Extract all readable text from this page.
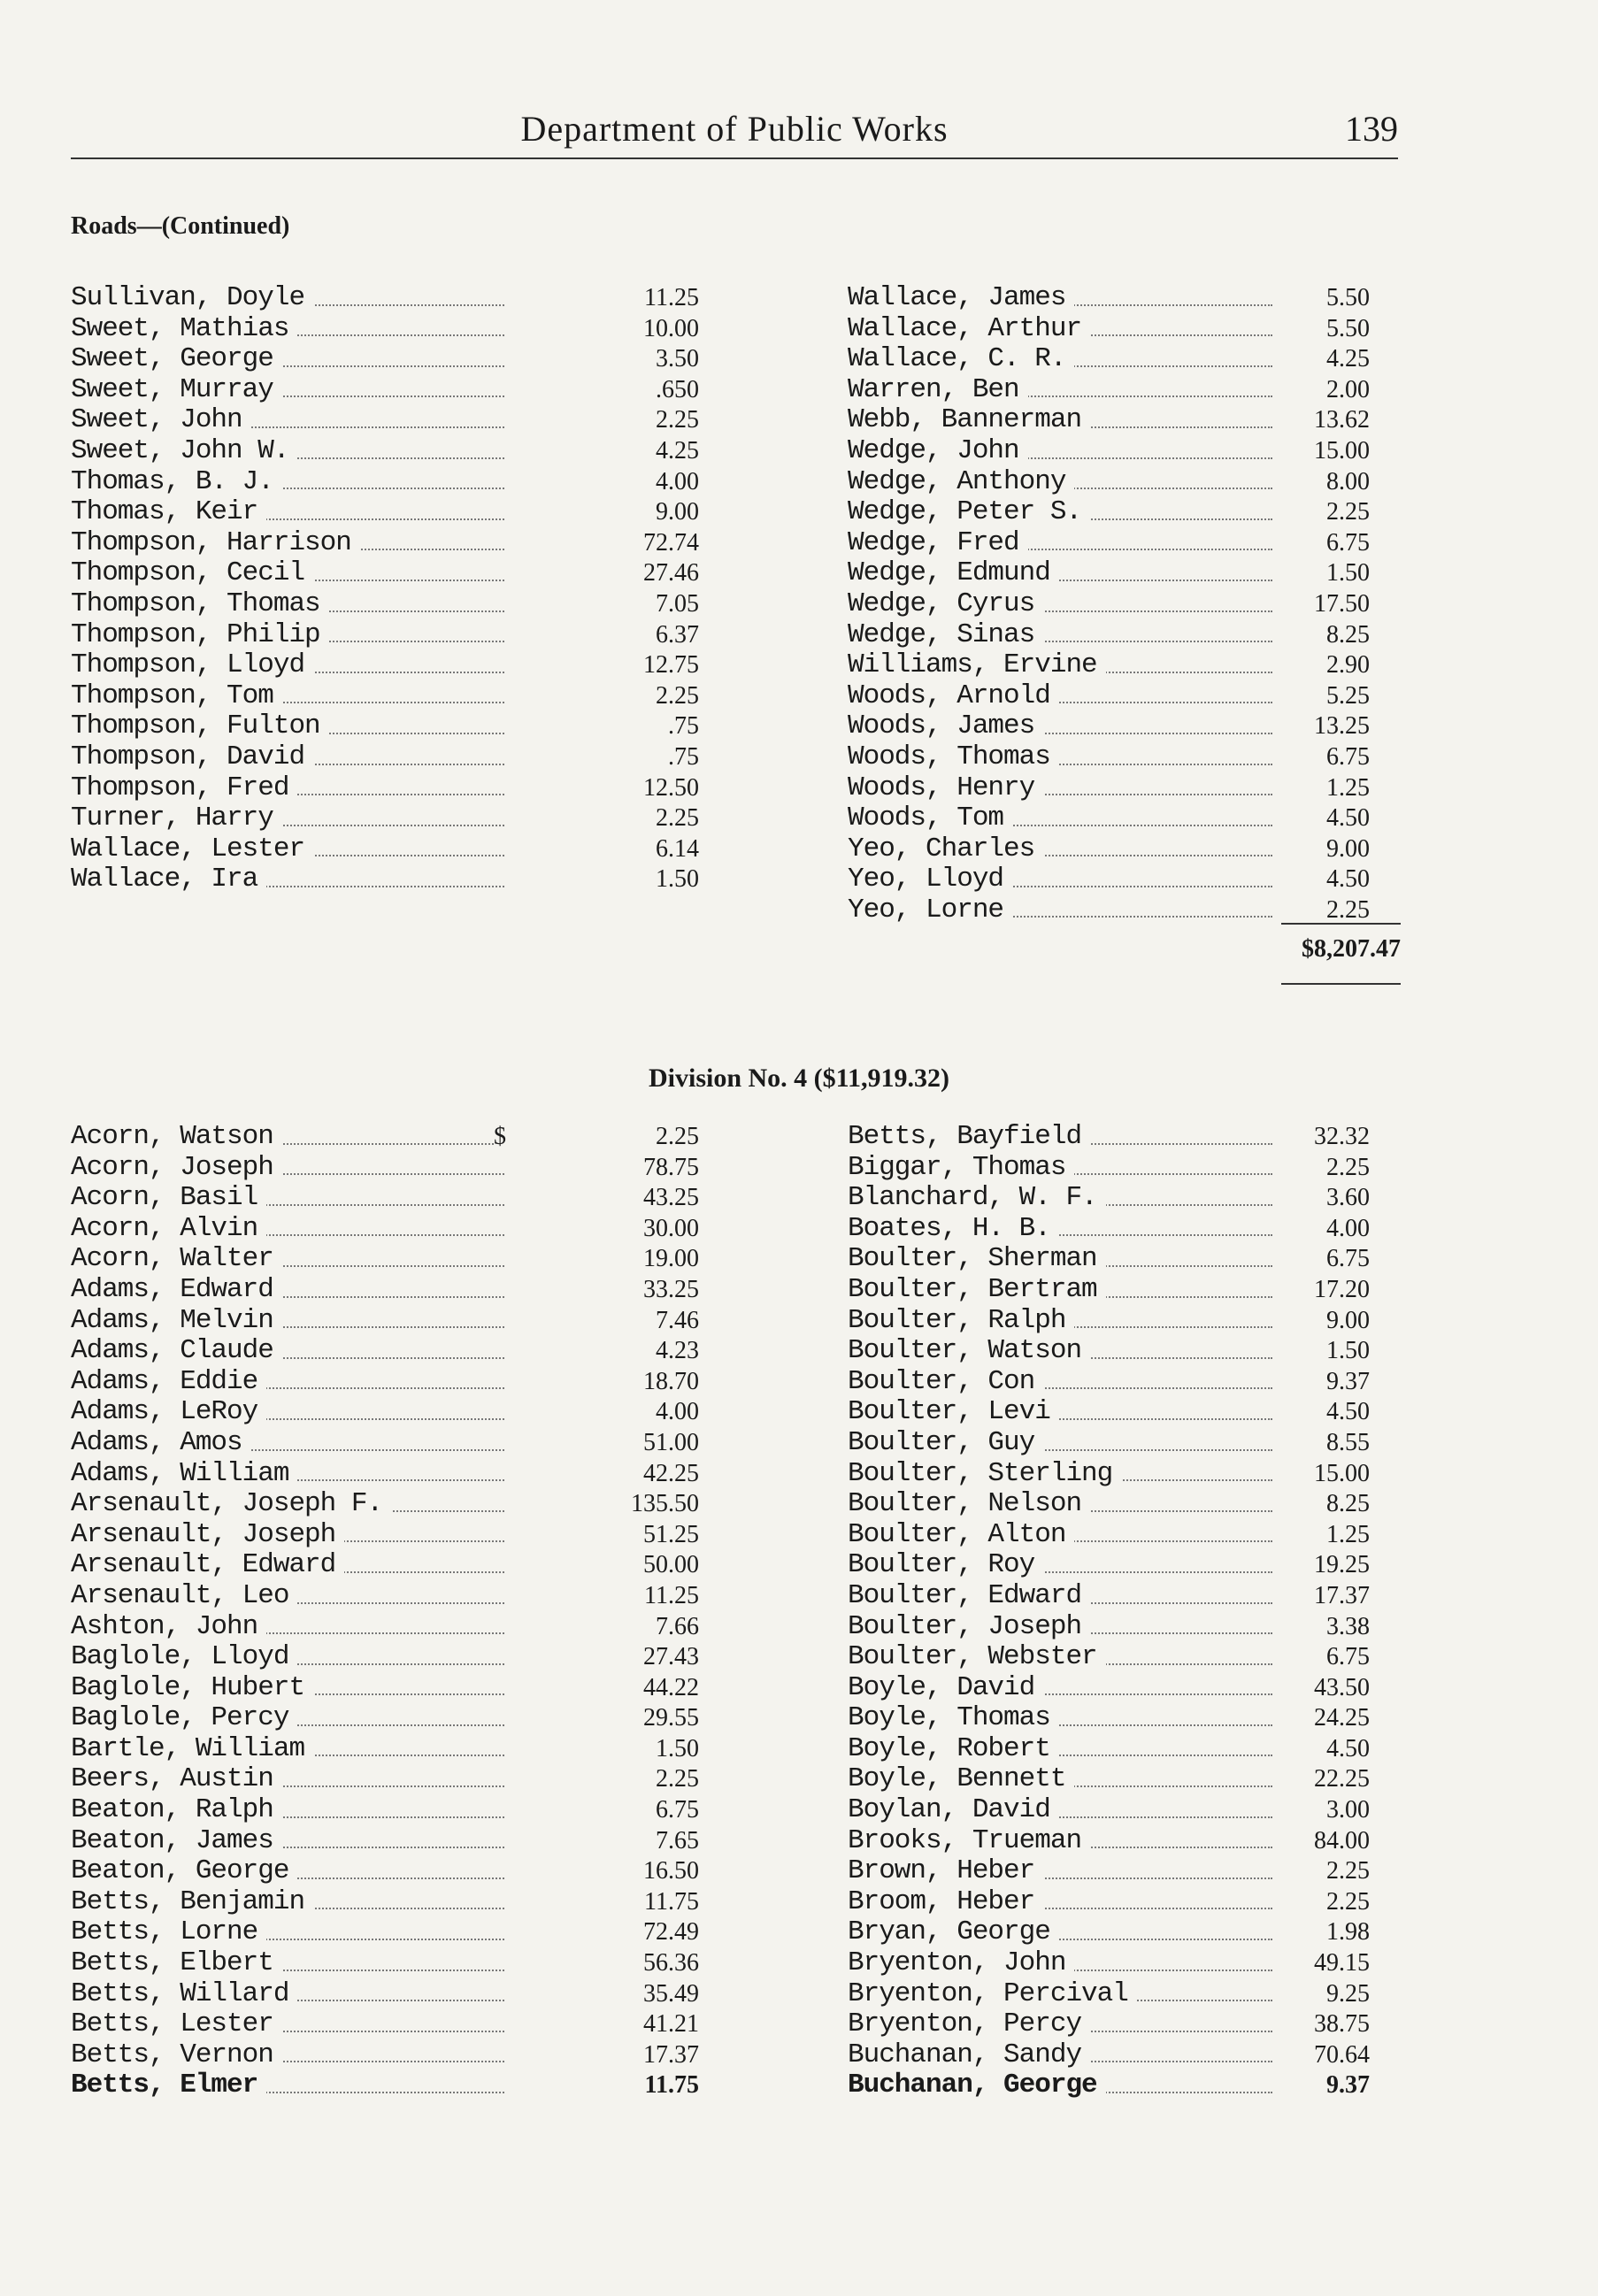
Department of Public Works	139
Roads—(Continued)
Sullivan, Doyle	11.25
Sweet, Mathias	10.00
Sweet, George	3.50
Sweet, Murray	.650
Sweet, John	2.25
Sweet, John W.	4.25
Thomas, B. J.	4.00
Thomas, Keir	9.00
Thompson, Harrison	72.74
Thompson, Cecil	27.46
Thompson, Thomas	7.05
Thompson, Philip	6.37
Thompson, Lloyd	12.75
Thompson, Tom	2.25
Thompson, Fulton	.75
Thompson, David	.75
Thompson, Fred	12.50
Turner, Harry	2.25
Wallace, Lester	6.14
Wallace, Ira	1.50
Wallace, James	5.50
Wallace, Arthur	5.50
Wallace, C. R.	4.25
Warren, Ben	2.00
Webb, Bannerman	13.62
Wedge, John	15.00
Wedge, Anthony	8.00
Wedge, Peter S.	2.25
Wedge, Fred	6.75
Wedge, Edmund	1.50
Wedge, Cyrus	17.50
Wedge, Sinas	8.25
Williams, Ervine	2.90
Woods, Arnold	5.25
Woods, James	13.25
Woods, Thomas	6.75
Woods, Henry	1.25
Woods, Tom	4.50
Yeo, Charles	9.00
Yeo, Lloyd	4.50
Yeo, Lorne	2.25
$8,207.47
Division No. 4 ($11,919.32)
Acorn, Watson	$	2.25
Acorn, Joseph	78.75
Acorn, Basil	43.25
Acorn, Alvin	30.00
Acorn, Walter	19.00
Adams, Edward	33.25
Adams, Melvin	7.46
Adams, Claude	4.23
Adams, Eddie	18.70
Adams, LeRoy	4.00
Adams, Amos	51.00
Adams, William	42.25
Arsenault, Joseph F.	135.50
Arsenault, Joseph	51.25
Arsenault, Edward	50.00
Arsenault, Leo	11.25
Ashton, John	7.66
Baglole, Lloyd	27.43
Baglole, Hubert	44.22
Baglole, Percy	29.55
Bartle, William	1.50
Beers, Austin	2.25
Beaton, Ralph	6.75
Beaton, James	7.65
Beaton, George	16.50
Betts, Benjamin	11.75
Betts, Lorne	72.49
Betts, Elbert	56.36
Betts, Willard	35.49
Betts, Lester	41.21
Betts, Vernon	17.37
Betts, Elmer	11.75
Betts, Bayfield	32.32
Biggar, Thomas	2.25
Blanchard, W. F.	3.60
Boates, H. B.	4.00
Boulter, Sherman	6.75
Boulter, Bertram	17.20
Boulter, Ralph	9.00
Boulter, Watson	1.50
Boulter, Con	9.37
Boulter, Levi	4.50
Boulter, Guy	8.55
Boulter, Sterling	15.00
Boulter, Nelson	8.25
Boulter, Alton	1.25
Boulter, Roy	19.25
Boulter, Edward	17.37
Boulter, Joseph	3.38
Boulter, Webster	6.75
Boyle, David	43.50
Boyle, Thomas	24.25
Boyle, Robert	4.50
Boyle, Bennett	22.25
Boylan, David	3.00
Brooks, Trueman	84.00
Brown, Heber	2.25
Broom, Heber	2.25
Bryan, George	1.98
Bryenton, John	49.15
Bryenton, Percival	9.25
Bryenton, Percy	38.75
Buchanan, Sandy	70.64
Buchanan, George	9.37
